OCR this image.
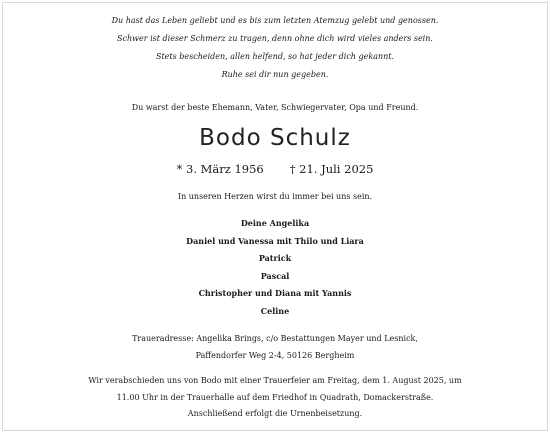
Du hast das Leben geliebt und es bis zum letzten Atemzug gelebt und genossen.
Schwer ist dieser Schmerz zu tragen, denn ohne dich wird vieles anders sein.
Stets bescheiden, allen helfend, so hat jeder dich gekannt.
Ruhe sei dir nun gegeben.
Du warst der beste Ehemann, Vater, Schwiegervater, Opa und Freund.
Bodo Schulz
* 3. März 1956 † 21. Juli 2025
In unseren Herzen wirst du immer bei uns sein.
Deine Angelika
Daniel und Vanessa mit Thilo und Liara
Patrick
Pascal
Christopher und Diana mit Yannis
Celine
Traueradresse: Angelika Brings, c/o Bestattungen Mayer und Lesnick,
Paffendorfer Weg 2-4, 50126 Bergheim
Wir verabschieden uns von Bodo mit einer Trauerfeier am Freitag, dem 1. August 2025, um
11.00 Uhr in der Trauerhalle auf dem Friedhof in Quadrath, Domackerstraße.
Anschließend erfolgt die Urnenbeisetzung.
